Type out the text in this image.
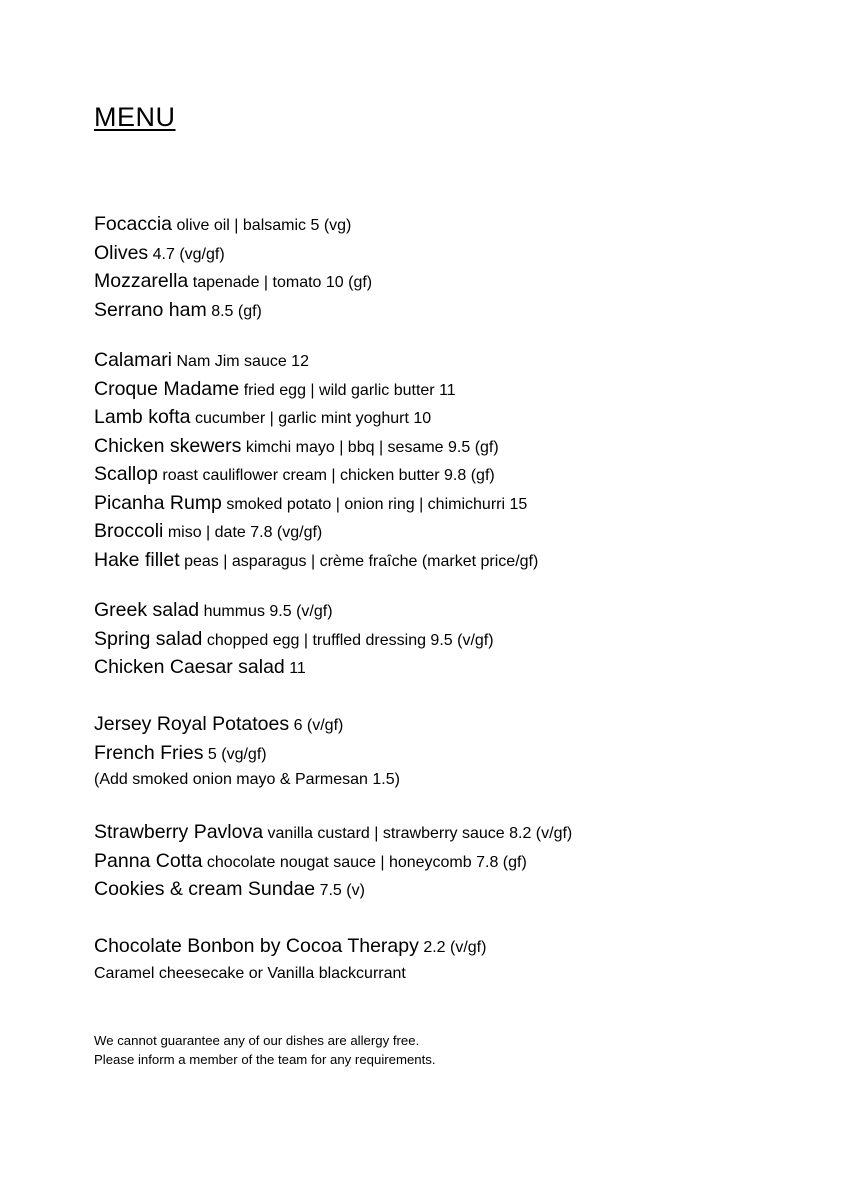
MENU
Focaccia olive oil | balsamic 5 (vg)
Olives 4.7 (vg/gf)
Mozzarella tapenade | tomato 10 (gf)
Serrano ham 8.5 (gf)
Calamari Nam Jim sauce 12
Croque Madame fried egg | wild garlic butter 11
Lamb kofta cucumber | garlic mint yoghurt 10
Chicken skewers kimchi mayo | bbq | sesame 9.5 (gf)
Scallop roast cauliflower cream | chicken butter 9.8 (gf)
Picanha Rump smoked potato | onion ring | chimichurri 15
Broccoli miso | date 7.8 (vg/gf)
Hake fillet peas | asparagus | crème fraîche (market price/gf)
Greek salad hummus 9.5 (v/gf)
Spring salad chopped egg | truffled dressing 9.5 (v/gf)
Chicken Caesar salad 11
Jersey Royal Potatoes 6 (v/gf)
French Fries 5 (vg/gf)
(Add smoked onion mayo & Parmesan 1.5)
Strawberry Pavlova vanilla custard | strawberry sauce 8.2 (v/gf)
Panna Cotta chocolate nougat sauce | honeycomb 7.8 (gf)
Cookies & cream Sundae 7.5 (v)
Chocolate Bonbon by Cocoa Therapy 2.2 (v/gf)
Caramel cheesecake or Vanilla blackcurrant
We cannot guarantee any of our dishes are allergy free.
Please inform a member of the team for any requirements.
